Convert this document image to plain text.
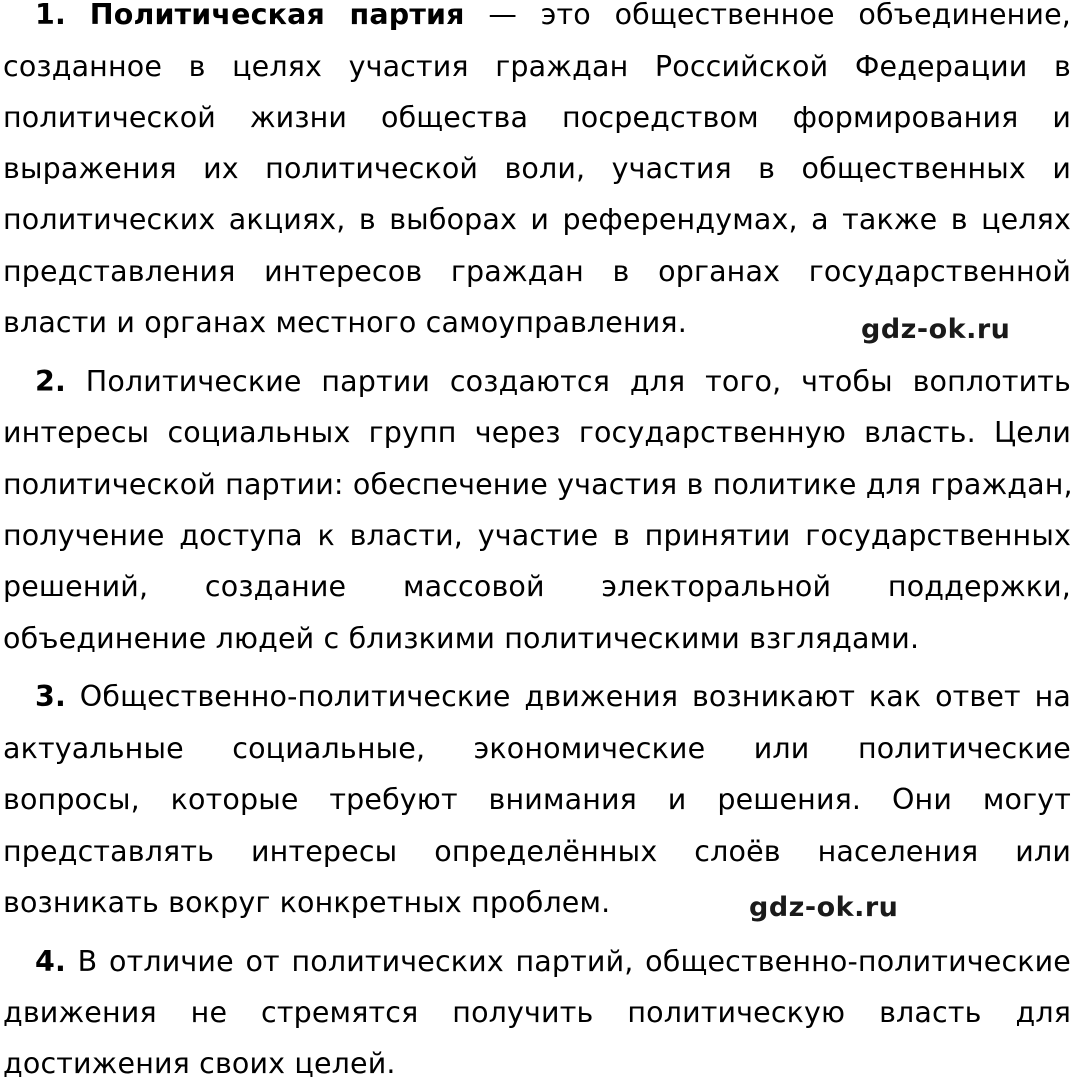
1. Политическая партия — это общественное объединение,
созданное в целях участия граждан Российской Федерации в
политической жизни общества посредством формирования и
выражения их политической воли, участия в общественных и
политических акциях, в выборах и референдумах, а также в целях
представления интересов граждан в органах государственной
власти и органах местного самоуправления.	gdz-ok.ru
2. Политические партии создаются для того, чтобы воплотить
интересы социальных групп через государственную власть. Цели
политической партии: обеспечение участия в политике для граждан,
получение доступа к власти, участие в принятии государственных
решений, создание массовой электоральной поддержки,
объединение людей с близкими политическими взглядами.
3. Общественно-политические движения возникают как ответ на
актуальные социальные, экономические или политические
вопросы, которые требуют внимания и решения. Они могут
представлять интересы определённых слоёв населения или
возникать вокруг конкретных проблем.	gdz-ok.ru
4. В отличие от политических партий, общественно-политические
движения не стремятся получить политическую власть для
достижения своих целей.
